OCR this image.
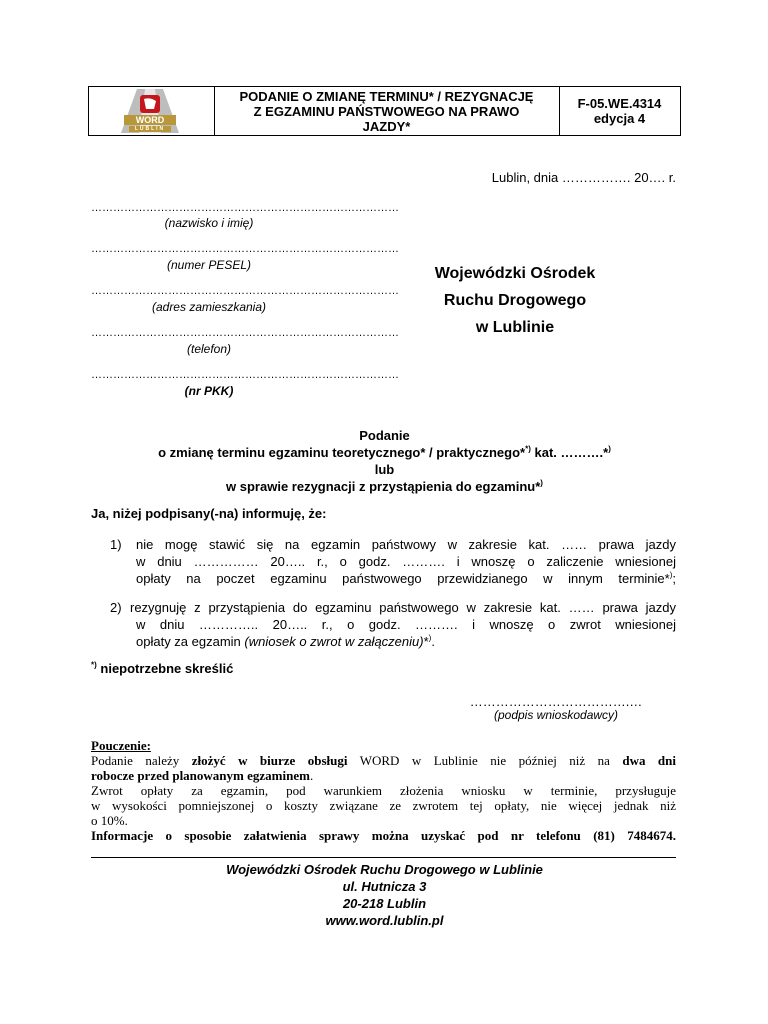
WORD
LUBLIN
PODANIE O ZMIANĘ TERMINU* / REZYGNACJĘ
Z EGZAMINU PAŃSTWOWEGO NA PRAWO
JAZDY*
F-05.WE.4314
edycja 4
Lublin, dnia ……………. 20…. r.
…………………………………………………………………………
(nazwisko i imię)
…………………………………………………………………………
(numer PESEL)
…………………………………………………………………………
(adres zamieszkania)
…………………………………………………………………………
(telefon)
…………………………………………………………………………
(nr PKK)
Wojewódzki Ośrodek
Ruchu Drogowego
w Lublinie
Podanie
o zmianę terminu egzaminu teoretycznego* / praktycznego**) kat. ……….*)
lub
w sprawie rezygnacji z przystąpienia do egzaminu*)
Ja, niżej podpisany(-na) informuję, że:
1) nie mogę stawić się na egzamin państwowy w zakresie kat. …… prawa jazdy
w dniu …………… 20….. r., o godz. ………. i wnoszę o zaliczenie wniesionej
opłaty na poczet egzaminu państwowego przewidzianego w innym terminie*);
2) rezygnuję z przystąpienia do egzaminu państwowego w zakresie kat. …… prawa jazdy
w dniu ………….. 20….. r., o godz. ………. i wnoszę o zwrot wniesionej
opłaty za egzamin (wniosek o zwrot w załączeniu)*).
*) niepotrzebne skreślić
……………………………….…
(podpis wnioskodawcy)
Pouczenie:
Podanie należy złożyć w biurze obsługi WORD w Lublinie nie później niż na dwa dni
robocze przed planowanym egzaminem.
Zwrot opłaty za egzamin, pod warunkiem złożenia wniosku w terminie, przysługuje
w wysokości pomniejszonej o koszty związane ze zwrotem tej opłaty, nie więcej jednak niż
o 10%.
Informacje o sposobie załatwienia sprawy można uzyskać pod nr telefonu (81) 7484674.
Wojewódzki Ośrodek Ruchu Drogowego w Lublinie
ul. Hutnicza 3
20-218 Lublin
www.word.lublin.pl
